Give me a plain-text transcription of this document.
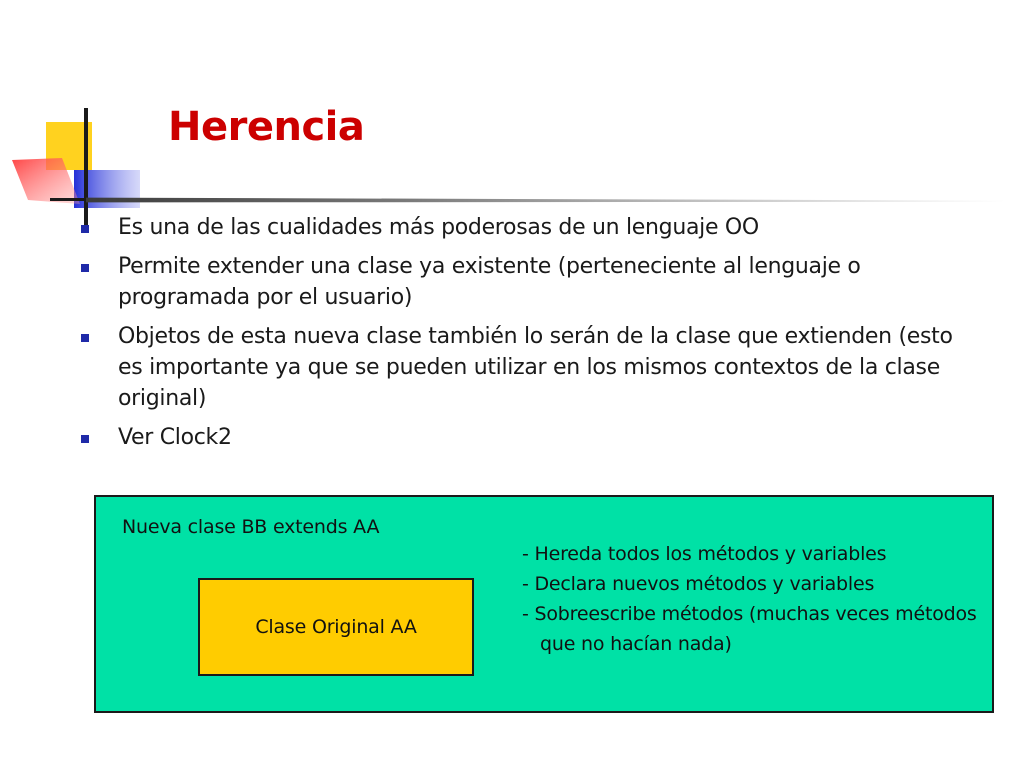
Herencia
Es una de las cualidades más poderosas de un lenguaje OO
Permite extender una clase ya existente (perteneciente al lenguaje o programada por el usuario)
Objetos de esta nueva clase también lo serán de la clase que extienden (esto es importante ya que se pueden utilizar en los mismos contextos de la clase original)
Ver Clock2
Nueva clase BB extends AA
Clase Original AA
- Hereda todos los métodos y variables
- Declara nuevos métodos y variables
- Sobreescribe métodos (muchas veces métodos que no hacían nada)
